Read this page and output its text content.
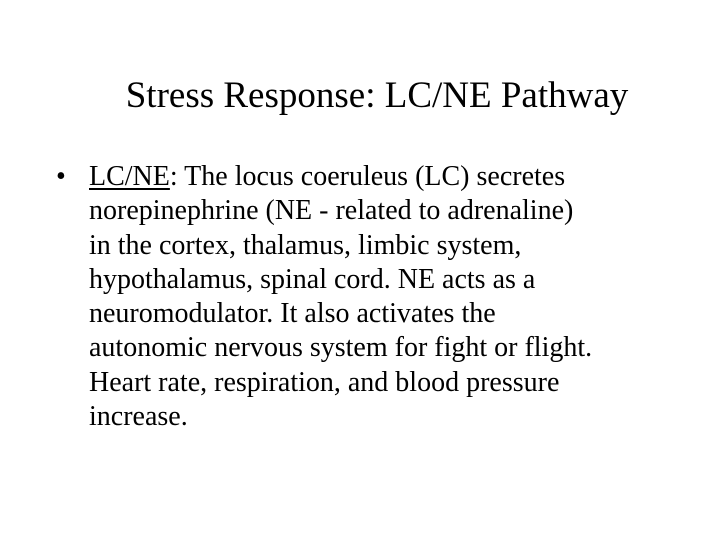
Stress Response: LC/NE Pathway
• LC/NE: The locus coeruleus (LC) secretes
norepinephrine (NE - related to adrenaline)
in the cortex, thalamus, limbic system,
hypothalamus, spinal cord. NE acts as a
neuromodulator. It also activates the
autonomic nervous system for fight or flight.
Heart rate, respiration, and blood pressure
increase.
